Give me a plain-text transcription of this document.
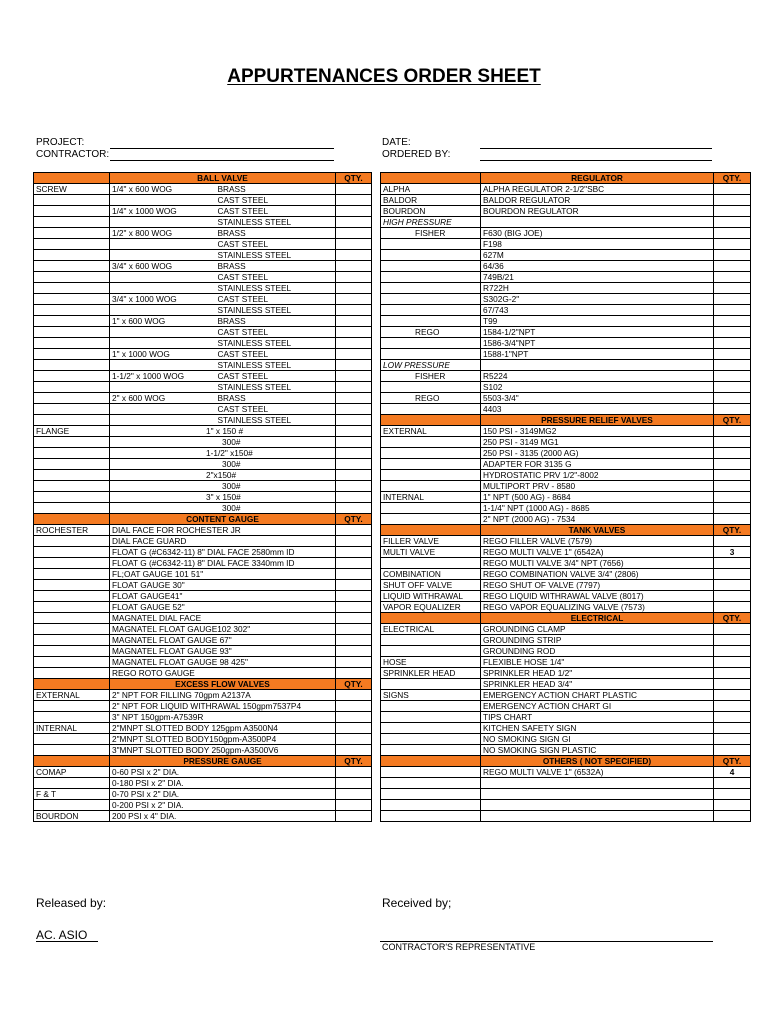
APPURTENANCES ORDER SHEET
PROJECT:
CONTRACTOR:
DATE:
ORDERED BY:
	BALL VALVE		QTY.
SCREW	1/4" x 600 WOG	BRASS	
		CAST STEEL	
	1/4" x 1000 WOG	CAST STEEL	
		STAINLESS STEEL	
	1/2" x 800 WOG	BRASS	
		CAST STEEL	
		STAINLESS STEEL	
	3/4" x 600 WOG	BRASS	
		CAST STEEL	
		STAINLESS STEEL	
	3/4" x 1000 WOG	CAST STEEL	
		STAINLESS STEEL	
	1" x 600 WOG	BRASS	
		CAST STEEL	
		STAINLESS STEEL	
	1" x 1000 WOG	CAST STEEL	
		STAINLESS STEEL	
	1-1/2" x 1000 WOG	CAST STEEL	
		STAINLESS STEEL	
	2" x 600 WOG	BRASS	
		CAST STEEL	
		STAINLESS STEEL	
FLANGE	1" x 150 #		
	300#		
	1-1/2" x150#		
	300#		
	2"x150#		
	300#		
	3" x 150#		
	300#		
	CONTENT GAUGE		QTY.
ROCHESTER	DIAL FACE FOR ROCHESTER JR		
	DIAL FACE GUARD		
	FLOAT G (#C6342-11) 8" DIAL FACE 2580mm ID		
	FLOAT G (#C6342-11) 8" DIAL FACE 3340mm ID		
	FL;OAT GAUGE 101 51"		
	FLOAT GAUGE 30"		
	FLOAT GAUGE41"		
	FLOAT GAUGE 52"		
	MAGNATEL DIAL FACE		
	MAGNATEL FLOAT GAUGE102 302"		
	MAGNATEL FLOAT GAUGE 67"		
	MAGNATEL FLOAT GAUGE 93"		
	MAGNATEL FLOAT GAUGE 98 425"		
	REGO ROTO GAUGE		
	EXCESS FLOW VALVES		QTY.
EXTERNAL	2" NPT FOR FILLING 70gpm A2137A		
	2" NPT FOR LIQUID WITHRAWAL 150gpm7537P4		
	3" NPT 150gpm-A7539R		
INTERNAL	2"MNPT SLOTTED BODY 125gpm A3500N4		
	2"MNPT SLOTTED BODY150gpm-A3500P4		
	3"MNPT SLOTTED BODY 250gpm-A3500V6		
	PRESSURE GAUGE		QTY.
COMAP	0-60 PSI x 2" DIA.		
	0-180 PSI x 2" DIA.		
F & T	0-70 PSI x 2" DIA.		
	0-200 PSI x 2" DIA.		
BOURDON	200 PSI x 4" DIA.		
	REGULATOR	QTY.
ALPHA	ALPHA REGULATOR 2-1/2"SBC	
BALDOR	BALDOR REGULATOR	
BOURDON	BOURDON REGULATOR	
HIGH PRESSURE		
FISHER	F630 (BIG JOE)	
	F198	
	627M	
	64/36	
	749B/21	
	R722H	
	S302G-2"	
	67/743	
	T99	
REGO	1584-1/2"NPT	
	1586-3/4"NPT	
	1588-1"NPT	
LOW PRESSURE		
FISHER	R5224	
	S102	
REGO	5503-3/4"	
	4403	
	PRESSURE RELIEF VALVES	QTY.
EXTERNAL	150 PSI - 3149MG2	
	250 PSI - 3149 MG1	
	250 PSI - 3135 (2000 AG)	
	ADAPTER FOR 3135 G	
	HYDROSTATIC PRV 1/2"-8002	
	MULTIPORT PRV - 8580	
INTERNAL	1" NPT (500 AG) - 8684	
	1-1/4" NPT (1000 AG) - 8685	
	2" NPT (2000 AG) - 7534	
	TANK VALVES	QTY.
FILLER VALVE	REGO FILLER VALVE (7579)	
MULTI VALVE	REGO MULTI VALVE 1" (6542A)	3
	REGO MULTI VALVE 3/4" NPT (7656)	
COMBINATION	REGO COMBINATION VALVE 3/4" (2806)	
SHUT OFF VALVE	REGO SHUT OF VALVE (7797)	
LIQUID WITHRAWAL	REGO LIQUID WITHRAWAL VALVE (8017)	
VAPOR EQUALIZER	REGO VAPOR EQUALIZING VALVE (7573)	
	ELECTRICAL	QTY.
ELECTRICAL	GROUNDING CLAMP	
	GROUNDING STRIP	
	GROUNDING ROD	
HOSE	FLEXIBLE HOSE 1/4"	
SPRINKLER HEAD	SPRINKLER HEAD 1/2"	
	SPRINKLER HEAD 3/4"	
SIGNS	EMERGENCY ACTION CHART PLASTIC	
	EMERGENCY ACTION CHART GI	
	TIPS CHART	
	KITCHEN SAFETY SIGN	
	NO SMOKING SIGN GI	
	NO SMOKING SIGN PLASTIC	
	OTHERS ( NOT SPECIFIED)	QTY.
	REGO MULTI VALVE 1" (6532A)	4

Released by:
AC. ASIO
Received by;
CONTRACTOR'S REPRESENTATIVE
